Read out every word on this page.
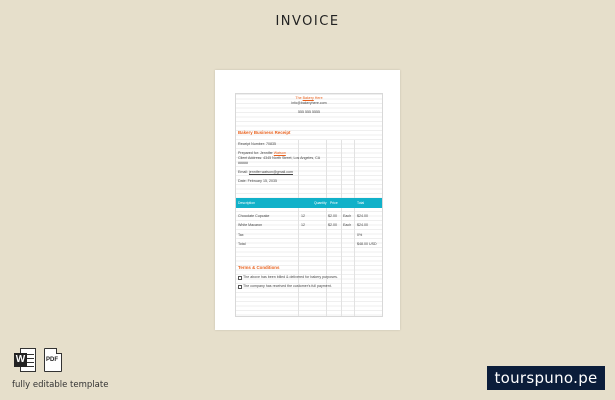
INVOICE
The Bakery Here
info@bakeryhere.com
555 555 5555
Bakery Business Receipt
Receipt Number: 70835
Prepared for: Jennifer Watson
Client Address: 4345 North Street, Los Angeles, CA
#####
Email: jennifer.watson@gmail.com
Date: February 15, 2035
Description	Quantity Price	Total
Chocolate Cupcake	12	$2.00 Each $24.00
White Macaron	12	$2.00 Each $24.00
Tax	0%
Total	$48.00 USD
Terms & Conditions
The above has been billed & delivered for bakery purposes.
The company has received the customer's full payment.
W	PDF
fully editable template	tourspuno.pe
